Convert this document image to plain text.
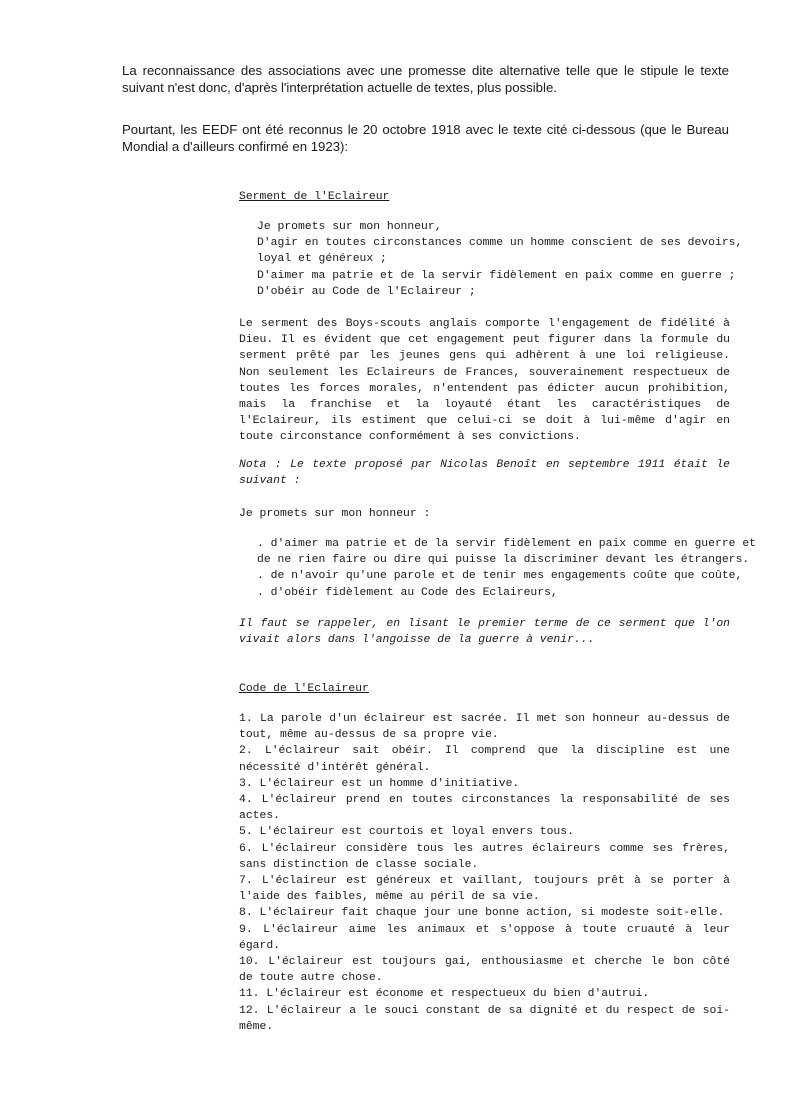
La reconnaissance des associations avec une promesse dite alternative telle que le stipule le texte suivant n'est donc, d'après l'interprétation actuelle de textes, plus possible.

Pourtant, les EEDF ont été reconnus le 20 octobre 1918 avec le texte cité ci-dessous (que le Bureau Mondial a d'ailleurs confirmé en 1923):

Serment de l'Eclaireur
Je promets sur mon honneur,
D'agir en toutes circonstances comme un homme conscient de ses devoirs,
loyal et généreux ;
D'aimer ma patrie et de la servir fidèlement en paix comme en guerre ;
D'obéir au Code de l'Eclaireur ;

Le serment des Boys-scouts anglais comporte l'engagement de fidélité à Dieu. Il es évident que cet engagement peut figurer dans la formule du serment prêté par les jeunes gens qui adhèrent à une loi religieuse. Non seulement les Eclaireurs de Frances, souverainement respectueux de toutes les forces morales, n'entendent pas édicter aucun prohibition, mais la franchise et la loyauté étant les caractéristiques de l'Eclaireur, ils estiment que celui-ci se doit à lui-même d'agir en toute circonstance conformément à ses convictions.

Nota : Le texte proposé par Nicolas Benoît en septembre 1911 était le suivant :

Je promets sur mon honneur :
. d'aimer ma patrie et de la servir fidèlement en paix comme en guerre et
de ne rien faire ou dire qui puisse la discriminer devant les étrangers.
. de n'avoir qu'une parole et de tenir mes engagements coûte que coûte,
. d'obéir fidèlement au Code des Eclaireurs,

Il faut se rappeler, en lisant le premier terme de ce serment que l'on vivait alors dans l'angoisse de la guerre à venir...

Code de l'Eclaireur
1. La parole d'un éclaireur est sacrée. Il met son honneur au-dessus de tout, même au-dessus de sa propre vie.
2. L'éclaireur sait obéir. Il comprend que la discipline est une nécessité d'intérêt général.
3. L'éclaireur est un homme d'initiative.
4. L'éclaireur prend en toutes circonstances la responsabilité de ses actes.
5. L'éclaireur est courtois et loyal envers tous.
6. L'éclaireur considère tous les autres éclaireurs comme ses frères, sans distinction de classe sociale.
7. L'éclaireur est généreux et vaillant, toujours prêt à se porter à l'aide des faibles, même au péril de sa vie.
8. L'éclaireur fait chaque jour une bonne action, si modeste soit-elle.
9. L'éclaireur aime les animaux et s'oppose à toute cruauté à leur égard.
10. L'éclaireur est toujours gai, enthousiasme et cherche le bon côté de toute autre chose.
11. L'éclaireur est économe et respectueux du bien d'autrui.
12. L'éclaireur a le souci constant de sa dignité et du respect de soi-même.
